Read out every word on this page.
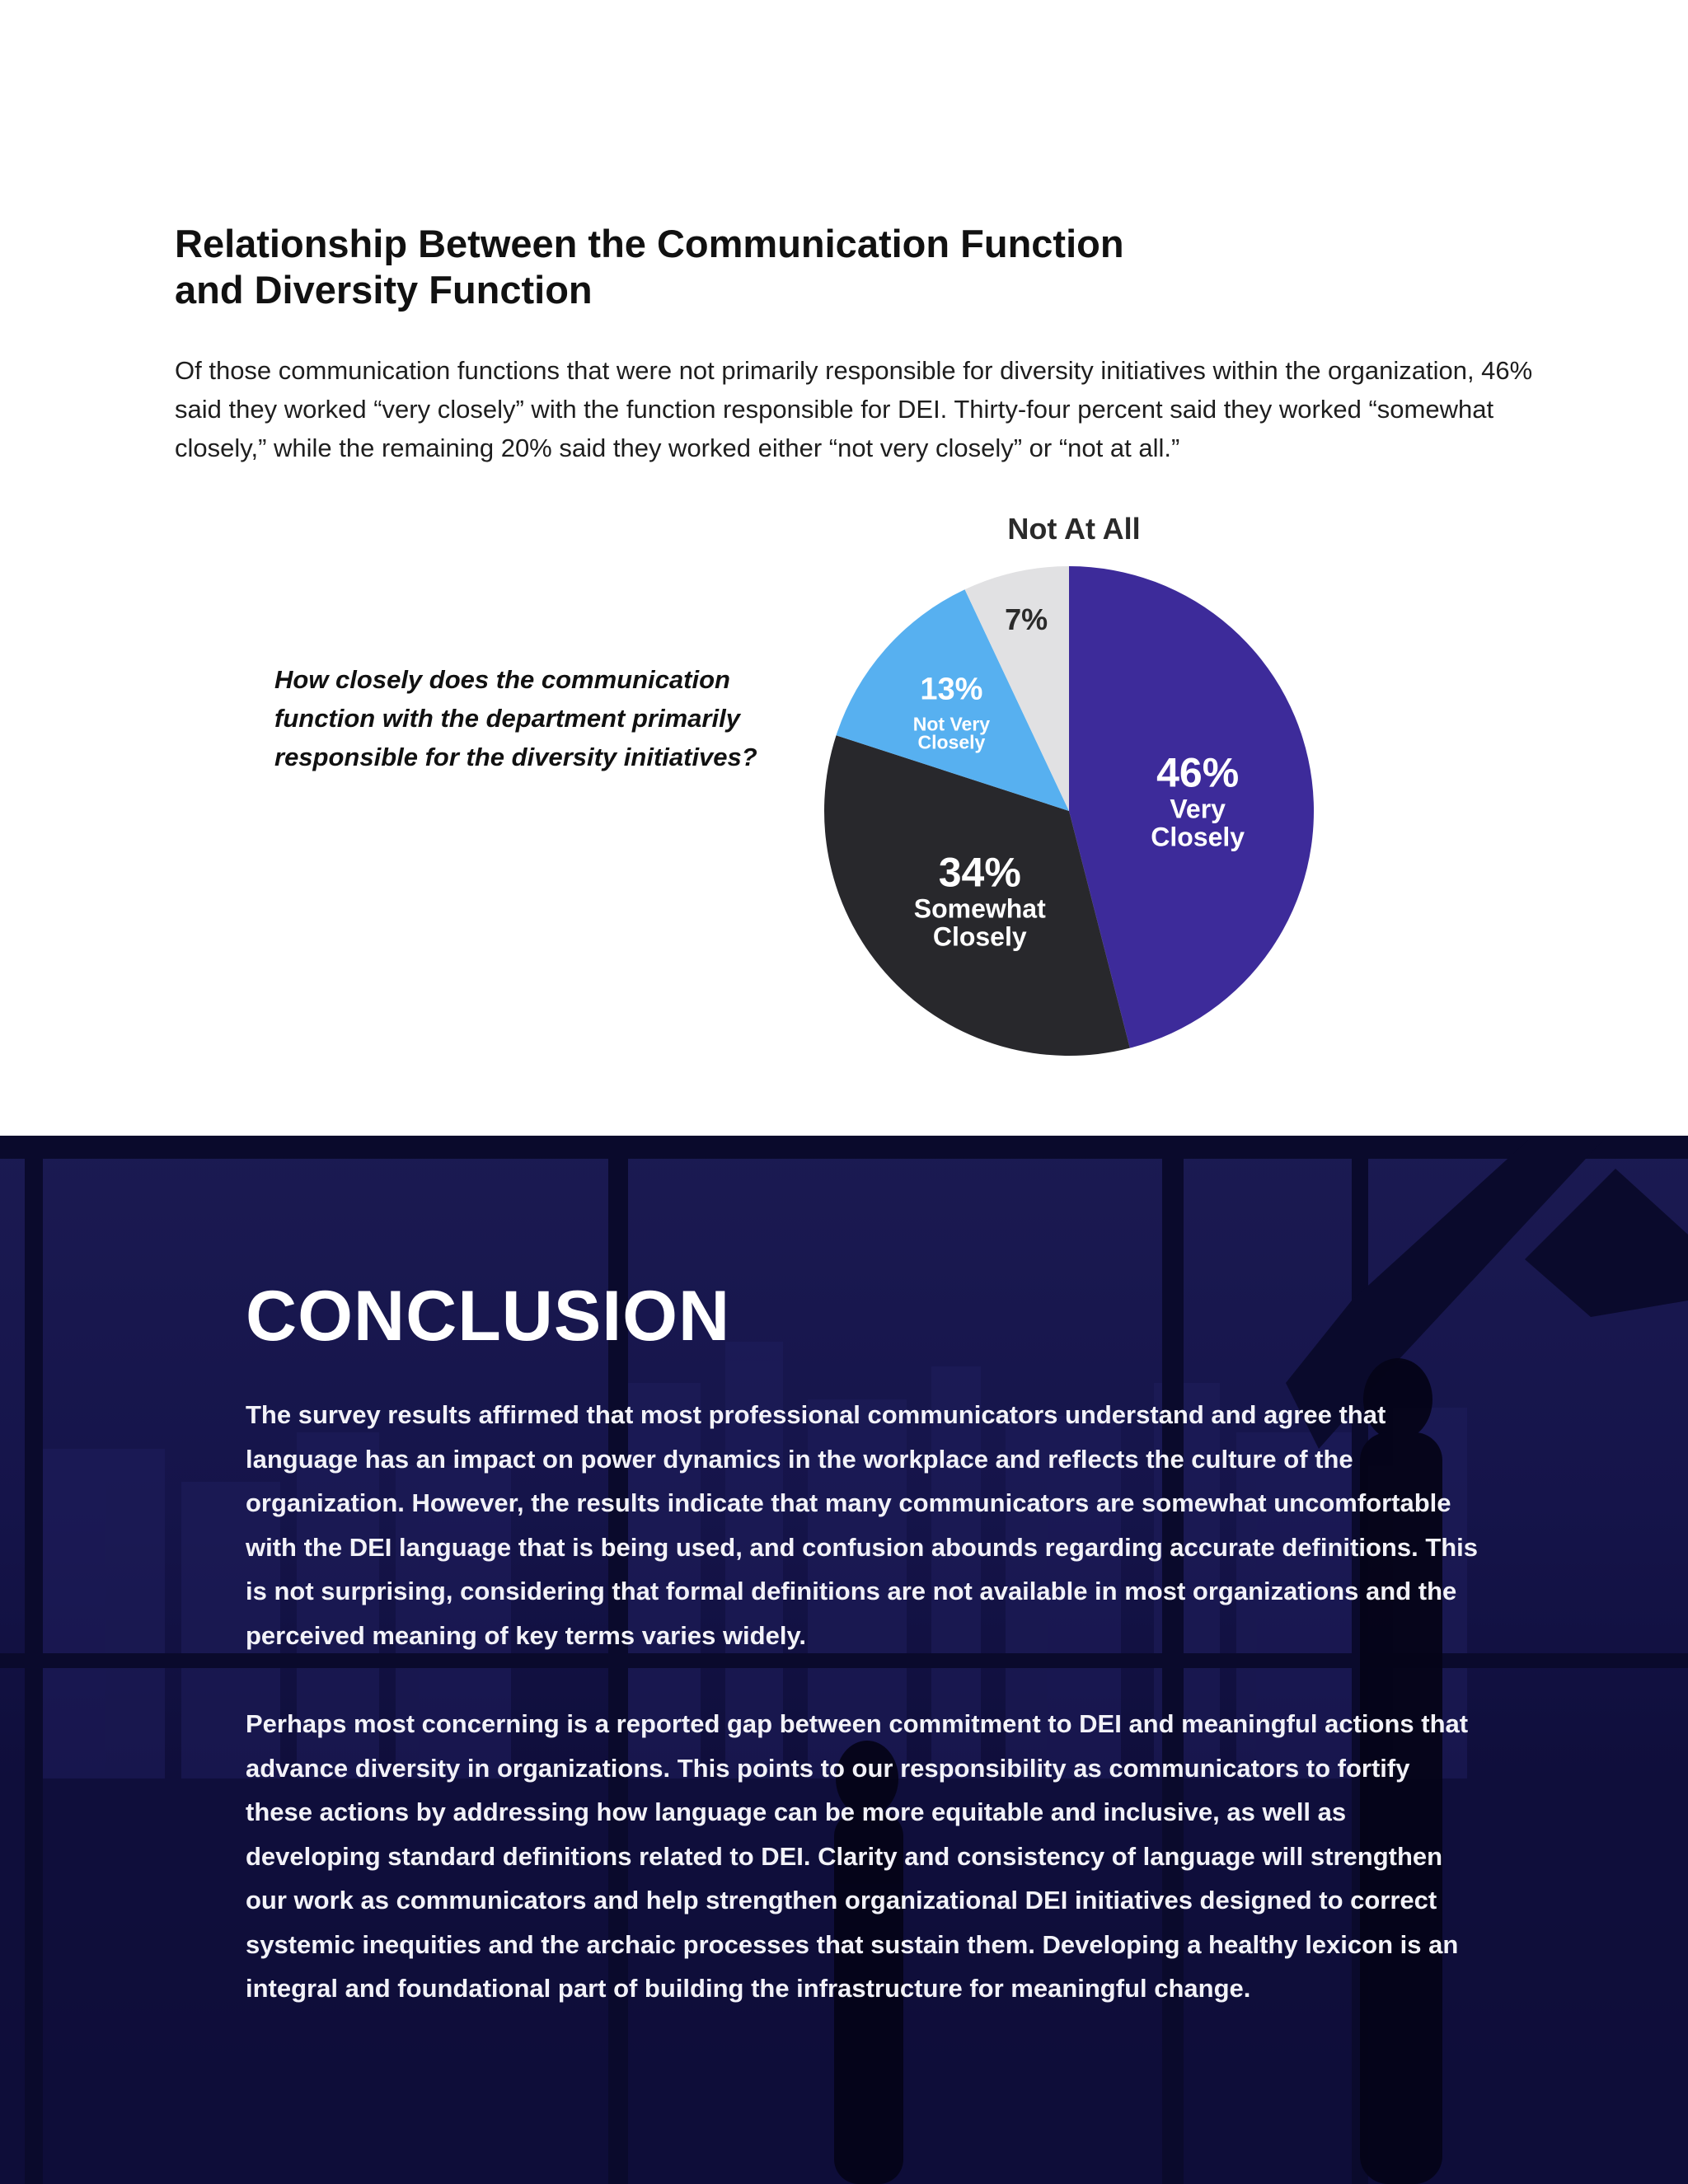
Relationship Between the Communication Function
and Diversity Function

Of those communication functions that were not primarily responsible for diversity initiatives within the organization, 46% said they worked “very closely” with the function responsible for DEI. Thirty-four percent said they worked “somewhat closely,” while the remaining 20% said they worked either “not very closely” or “not at all.”

How closely does the communication function with the department primarily responsible for the diversity initiatives?	46%
Very
Closely
34%
Somewhat
Closely
13%
Not Very
Closely
7%
Not At All
CONCLUSION

The survey results affirmed that most professional communicators understand and agree that language has an impact on power dynamics in the workplace and reflects the culture of the organization. However, the results indicate that many communicators are somewhat uncomfortable with the DEI language that is being used, and confusion abounds regarding accurate definitions. This is not surprising, considering that formal definitions are not available in most organizations and the perceived meaning of key terms varies widely.

Perhaps most concerning is a reported gap between commitment to DEI and meaningful actions that advance diversity in organizations. This points to our responsibility as communicators to fortify these actions by addressing how language can be more equitable and inclusive, as well as developing standard definitions related to DEI. Clarity and consistency of language will strengthen our work as communicators and help strengthen organizational DEI initiatives designed to correct systemic inequities and the archaic processes that sustain them. Developing a healthy lexicon is an integral and foundational part of building the infrastructure for meaningful change.
